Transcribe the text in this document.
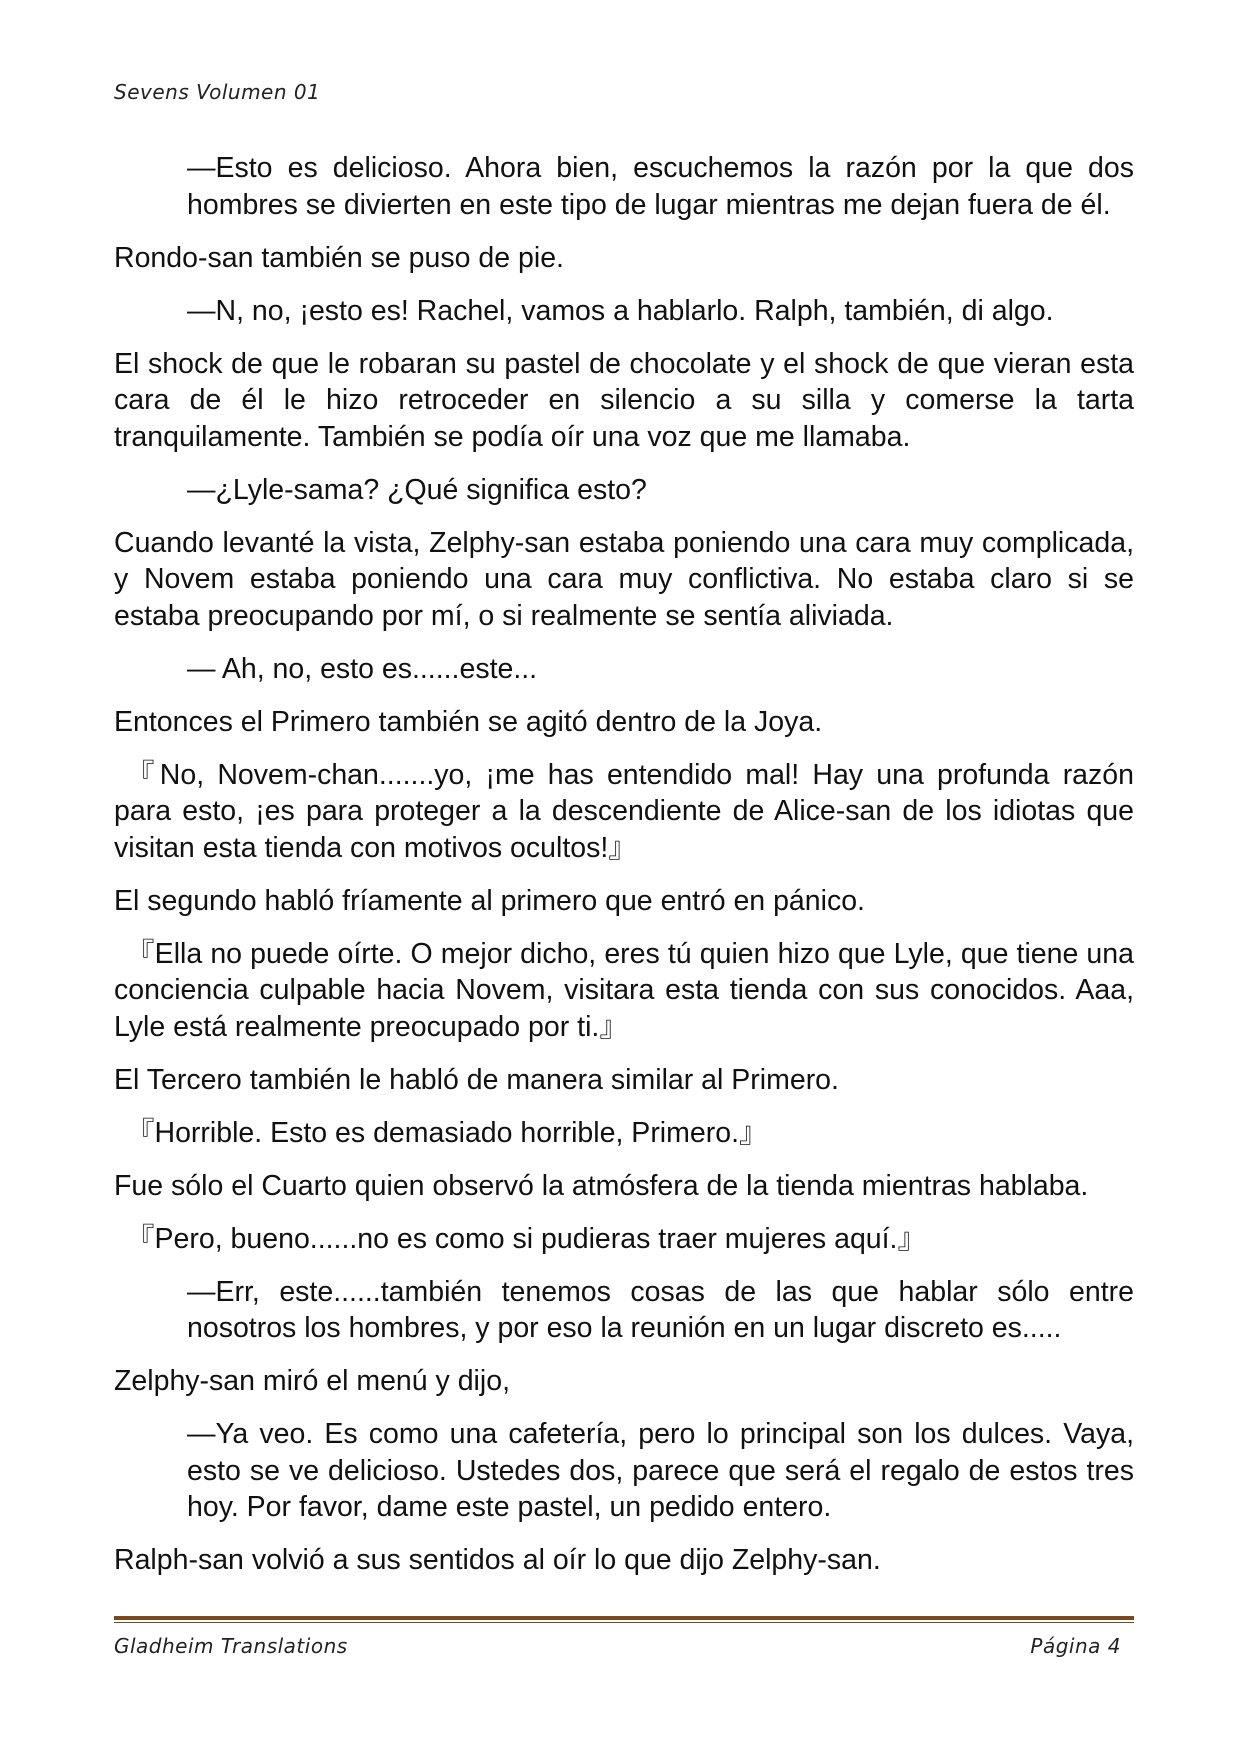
Sevens Volumen 01

—Esto es delicioso. Ahora bien, escuchemos la razón por la que dos hombres se divierten en este tipo de lugar mientras me dejan fuera de él.

Rondo-san también se puso de pie.

—N, no, ¡esto es! Rachel, vamos a hablarlo. Ralph, también, di algo.

El shock de que le robaran su pastel de chocolate y el shock de que vieran esta cara de él le hizo retroceder en silencio a su silla y comerse la tarta tranquilamente. También se podía oír una voz que me llamaba.

—¿Lyle-sama? ¿Qué significa esto?

Cuando levanté la vista, Zelphy-san estaba poniendo una cara muy complicada, y Novem estaba poniendo una cara muy conflictiva. No estaba claro si se estaba preocupando por mí, o si realmente se sentía aliviada.

— Ah, no, esto es......este...

Entonces el Primero también se agitó dentro de la Joya.

『No, Novem-chan.......yo, ¡me has entendido mal! Hay una profunda razón para esto, ¡es para proteger a la descendiente de Alice-san de los idiotas que visitan esta tienda con motivos ocultos!』

El segundo habló fríamente al primero que entró en pánico.

『Ella no puede oírte. O mejor dicho, eres tú quien hizo que Lyle, que tiene una conciencia culpable hacia Novem, visitara esta tienda con sus conocidos. Aaa, Lyle está realmente preocupado por ti.』

El Tercero también le habló de manera similar al Primero.

『Horrible. Esto es demasiado horrible, Primero.』

Fue sólo el Cuarto quien observó la atmósfera de la tienda mientras hablaba.

『Pero, bueno......no es como si pudieras traer mujeres aquí.』

—Err, este......también tenemos cosas de las que hablar sólo entre nosotros los hombres, y por eso la reunión en un lugar discreto es.....

Zelphy-san miró el menú y dijo,

—Ya veo. Es como una cafetería, pero lo principal son los dulces. Vaya, esto se ve delicioso. Ustedes dos, parece que será el regalo de estos tres hoy. Por favor, dame este pastel, un pedido entero.

Ralph-san volvió a sus sentidos al oír lo que dijo Zelphy-san.

Gladheim Translations	Página 4
